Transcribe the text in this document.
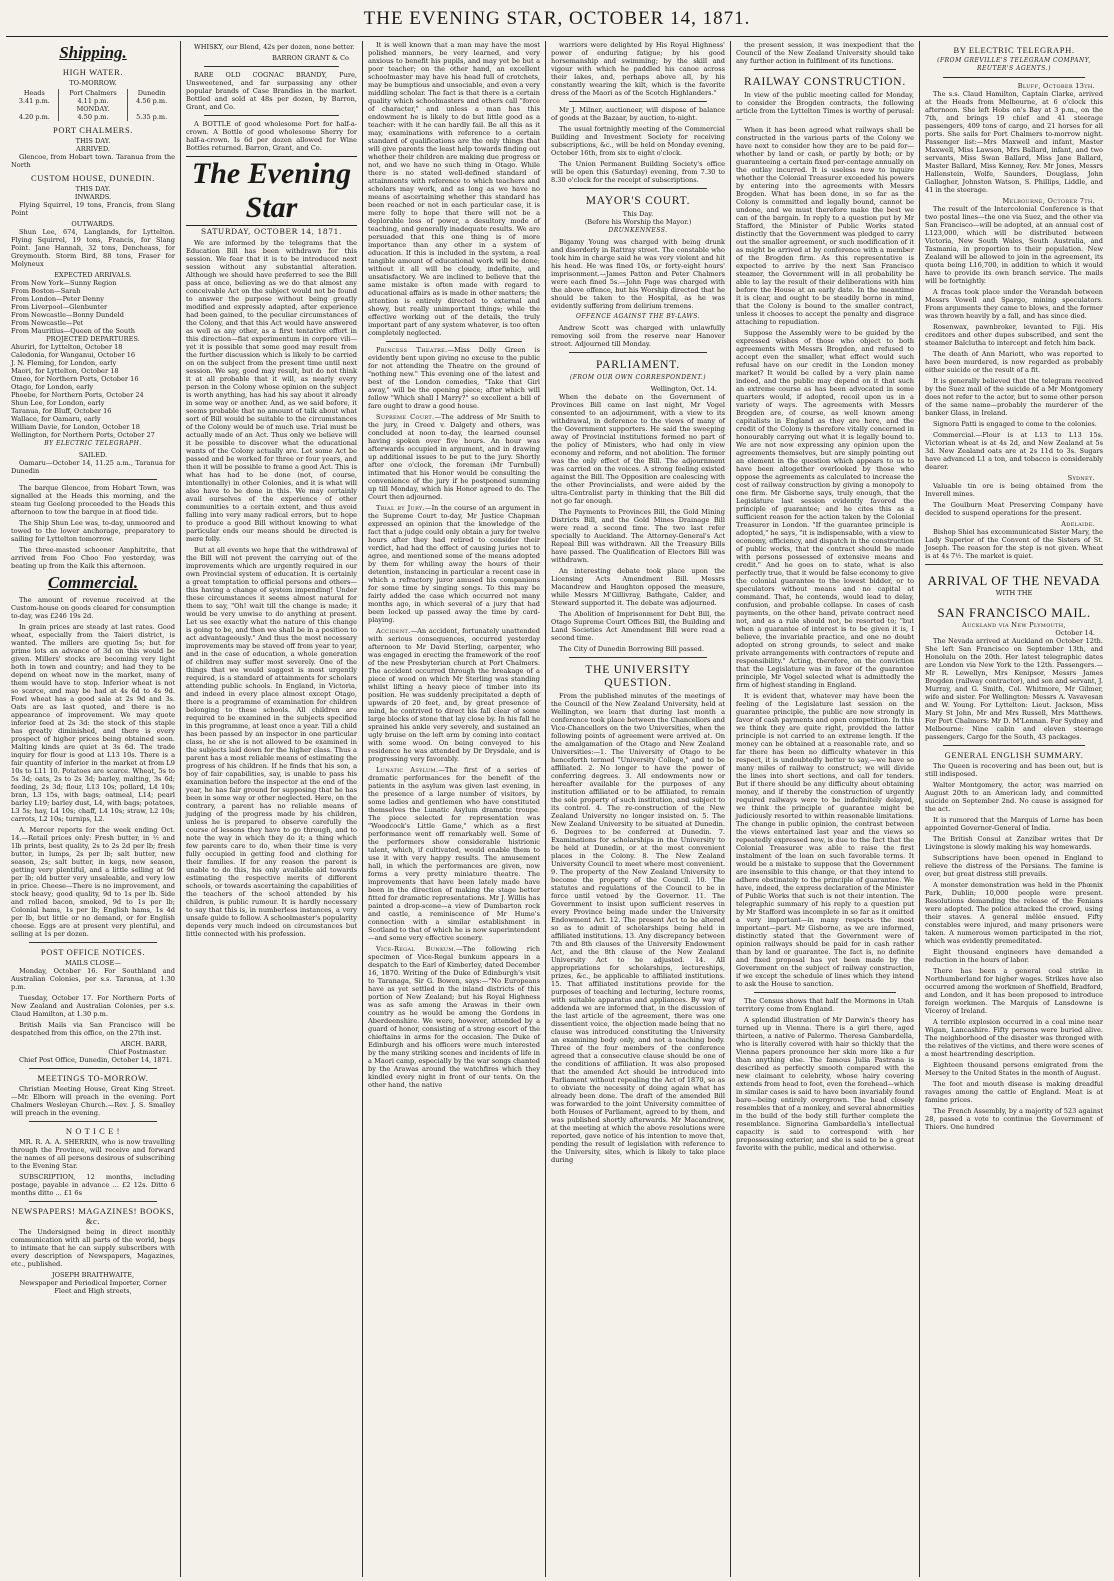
THE EVENING STAR, OCTOBER 14, 1871.
Shipping.
HIGH WATER.
TO-MORROW.
Heads	Port Chalmers	Dunedin
3.41 p.m.	4.11 p.m.	4.56 p.m.
	MONDAY.	
4.20 p.m.	4.50 p.m.	5.35 p.m.
PORT CHALMERS.
THIS DAY.
ARRIVED.

Glencoe, from Hobart town. Taranua from the North

CUSTOM HOUSE, DUNEDIN.
THIS DAY.
INWARDS.

Flying Squirrel, 19 tons, Francis, from Slang Point

OUTWARDS.

Shun Lee, 674, Langlands, for Lyttelton. Flying Squirrel, 19 tons, Francis, for Slang Point. Jane Hannah, 32 tons, Dencheass, for Greymouth. Storm Bird, 88 tons, Fraser for Molyneux

EXPECTED ARRIVALS.

From New York—Sunny Region

From Boston—Sarah

From London—Peter Denny

From Liverpool—Glenbunter

From Newcastle—Bonny Dundeld

From Newcastle—Pet

From Mauritius—Queen of the South

PROJECTED DEPARTURES.

Ahuriri, for Lyttelton, October 18

Caledonia, for Wanganui, October 16

J. N. Fleming, for London, early

Maori, for Lyttelton, October 18

Omeo, for Northern Ports, October 16

Otago, for London, early

Phoebe, for Northern Ports, October 24

Shun Lee, for London, early

Taranua, for Bluff, October 16

Wallace, for Oamaru, early

William Davie, for London, October 18

Wellington, for Northern Ports, October 27

BY ELECTRIC TELEGRAPH.
SAILED.

Oamaru—October 14, 11.25 a.m., Taranua for Dunedin

The barque Glencoe, from Hobart Town, was signalled at the Heads this morning, and the steam tug Geelong proceeded to the Heads this afternoon to tow the barque in at flood tide.

The Ship Shun Lee was, to-day, unmoored and towed to the lower anchorage, preparatory to sailing for Lyttelton tomorrow.

The three-masted schooner Amphitrite, that arrived from Foo Choo Foo yesterday, was beating up from the Kaik this afternoon.

Commercial.

The amount of revenue received at the Custom-house on goods cleared for consumption to-day, was £246 19s 2d.

In grain prices are steady at last rates. Good wheat, especially from the Taieri district, is wanted. The millers are quoting 5s; but for prime lots an advance of 3d on this would be given. Millers' stocks are becoming very light both in town and country; and had they to be depend on wheat now in the market, many of them would have to stop. Inferior wheat is not so scarce, and may be had at 4s 6d to 4s 9d. Fowl wheat has a good sale at 2s 9d and 3s. Oats are as last quoted, and there is no appearance of improvement. We may quote inferior feed at 2s 3d: the stock of this staple has greatly diminished, and there is every prospect of higher prices being obtained soon. Malting kinds are quiet at 3s 6d. The trade inquiry for flour is good at L13 10s. There is a fair quantity of inferior in the market at from L9 10s to L11 10. Potatoes are scarce. Wheat, 5s to 5s 3d; oats, 2s to 2s 3d; barley, malting, 3s 6d; feeding, 2s 3d; flour, L13 10s; pollard, L4 10s; bran, L3 15s, with bags; oatmeal, L14; pearl barley L19; barley dust, L4, with bags; potatoes, L3 5s; hay, L4 10s; chaff, L4 10s; straw, L2 10s; carrots, L2 10s; turnips, L2.

A. Mercer reports for the week ending Oct. 14.—Retail prices only: Fresh butter, in ½ and 1lb prints, best quality, 2s to 2s 2d per lb; fresh butter, in lumps, 2s per lb; salt butter, new season, 2s; salt butter, in kegs, new season, getting very plentiful, and a little selling at 9d per lb; old butter very unsaleable, and very low in price. Cheese—There is no improvement, and stock heavy; good quality, 9d to 1s per lb. Side and rolled bacon, smoked, 9d to 1s per lb; Colonial hams, 1s per lb; English hams, 1s 4d per lb, but little or no demand, or for English cheese. Eggs are at present very plentiful, and selling at 1s per dozen.

POST OFFICE NOTICES.
MAILS CLOSE—

Monday, October 16. For Southland and Australian Colonies, per s.s. Taranua, at 1.30 p.m.

Tuesday, October 17. For Northern Ports of New Zealand and Australian Colonies, per s.s. Claud Hamilton, at 1.30 p.m.

British Mails via San Francisco will be despatched from this office, on the 27th inst.

ARCH. BARR,
Chief Postmaster.

Chief Post Office, Dunedin, October 14, 1871.

MEETINGS TO-MORROW.

Christian Meeting House, Great King Street. —Mr. Elborn will preach in the evening. Port Chalmers Wesleyan Church.—Rev. J. S. Smalley will preach in the evening.

N O T I C E !

MR. R. A. A. SHERRIN, who is now travelling through the Province, will receive and forward the names of all persons desirous of subscribing to the Evening Star.

SUBSCRIPTION, 12 months, including postage, payable in advance ... £2 12s. Ditto 6 months ditto ... £1 6s

NEWSPAPERS! MAGAZINES! BOOKS, &c.

The Undersigned being in direct monthly communication with all parts of the world, begs to intimate that he can supply subscribers with every description of Newspapers, Magazines, etc., published.

JOSEPH BRAITHWAITE,
Newspaper and Periodical Importer, Corner Fleet and High streets,

WHISKY, our Blend, 42s per dozen, none better.

BARRON GRANT & Co

RARE OLD COGNAC BRANDY, Pure, Unsweetened, and far surpassing any other popular brands of Case Brandies in the market. Bottled and sold at 48s per dozen, by Barron, Grant, and Co.

A BOTTLE of good wholesome Port for half-a-crown. A Bottle of good wholesome Sherry for half-a-crown. Is 6d per dozen allowed for Wine Bottles returned. Barron, Grant, and Co.

The Evening Star
SATURDAY, OCTOBER 14, 1871.

We are informed by the telegrams that the Education Bill has been withdrawn for this session. We fear that it is to be introduced next session without any substantial alteration. Although we should have preferred to see the Bill pass at once, believing as we do that almost any conceivable Act on the subject would not be found to answer the purpose without being greatly modified and expressly adapted, after experience had been gained, to the peculiar circumstances of the Colony, and that this Act would have answered as well as any other, as a first tentative effort in this direction—fiat experimentum in corpore vili—yet it is possible that some good may result from the further discussion which is likely to be carried on on the subject from the present time until next session. We say, good may result, but do not think it at all probable that it will, as nearly every person in the Colony whose opinion on the subject is worth anything, has had his say about it already in some way or another. And, as we said before, it seems probable that no amount of talk about what sort of Bill would be suitable to the circumstances of the Colony would be of much use. Trial must be actually made of an Act. Thus only we believe will it be possible to discover what the educational wants of the Colony actually are. Let some Act be passed and be worked for three or four years, and then it will be possible to frame a good Act. This is what has had to be done (not, of course, intentionally) in other Colonies, and it is what will also have to be done in this. We may certainly avail ourselves of the experience of other communities to a certain extent, and thus avoid falling into very many radical errors, but to hope to produce a good Bill without knowing to what particular ends our means should be directed is mere folly.

But at all events we hope that the withdrawal of the Bill will not prevent the carrying out of the improvements which are urgently required in our own Provincial system of education. It is certainly a great temptation to official persons and others—this having a change of system impending! Under these circumstances it seems almost natural for them to say, "Oh! wait till the change is made; it would be very unwise to do anything at present. Let us see exactly what the nature of this change is going to be, and then we shall be in a position to act advantageously." And thus the most necessary improvements may be staved off from year to year, and in the case of education, a whole generation of children may suffer most severely. One of the things that we would suggest is most urgently required, is a standard of attainments for scholars attending public schools. In England, in Victoria, and indeed in every place almost except Otago, there is a programme of examination for children belonging to these schools. All children are required to be examined in the subjects specified in this programme, at least once a year. Till a child has been passed by an inspector in one particular class, he or she is not allowed to be examined in the subjects laid down for the higher class. Thus a parent has a most reliable means of estimating the progress of his children. If he finds that his son, a boy of fair capabilities, say, is unable to pass his examination before the inspector at the end of the year, he has fair ground for supposing that he has been in some way or other neglected. Here, on the contrary, a parent has no reliable means of judging of the progress made by his children, unless he is prepared to observe carefully the course of lessons they have to go through, and to note the way in which they do it; a thing which few parents care to do, when their time is very fully occupied in getting food and clothing for their families. If for any reason the parent is unable to do this, his only available aid towards estimating the respective merits of different schools, or towards ascertaining the capabilities of the teachers of the school attended by his children, is public rumour. It is hardly necessary to say that this is, in numberless instances, a very unsafe guide to follow. A schoolmaster's popularity depends very much indeed on circumstances but little connected with his profession.

It is well known that a man may have the most polished manners, be very learned, and very anxious to benefit his pupils, and may yet be but a poor teacher; on the other hand, an excellent schoolmaster may have his head full of crotchets, may be bumptious and unsociable, and even a very middling scholar. The fact is that there is a certain quality which schoolmasters and others call "force of character," and unless a man has this endowment he is likely to do but little good as a teacher: with it he can hardly fail. Be all this as it may, examinations with reference to a certain standard of qualifications are the only things that will give parents the least help towards finding out whether their children are making due progress or not, and we have no such thing in Otago. While there is no stated well-defined standard of attainments with reference to which teachers and scholars may work, and as long as we have no means of ascertaining whether this standard has been reached or not in each particular case, it is mere folly to hope that there will not be a deplorable loss of power, a desultory mode of teaching, and generally inadequate results. We are persuaded that this one thing is of more importance than any other in a system of education. If this is included in the system, a real tangible amount of educational work will be done; without it all will be cloudy, indefinite, and unsatisfactory. We are inclined to believe that the same mistake is often made with regard to educational affairs as is made in other matters; the attention is entirely directed to external and showy, but really unimportant things; while the effective working out of the details, the truly important part of any system whatever, is too often completely neglected.

Princess Theatre.—Miss Dolly Green is evidently bent upon giving no excuse to the public for not attending the Theatre on the ground of "nothing new." This evening one of the latest and best of the London comedies, "Take that Girl away," will be the opening piece; after which will follow "Which shall I Marry?" so excellent a bill of fare ought to draw a good house.

Supreme Court.—The address of Mr Smith to the jury, in Creed v. Dalgety and others, was concluded at noon to-day, the learned counsel having spoken over five hours. An hour was afterwards occupied in argument, and in drawing up additional issues to be put to the jury. Shortly after one o'clock, the foreman (Mr Turnbull) intimated that his Honor would be consulting the convenience of the jury if he postponed summing up till Monday, which his Honor agreed to do. The Court then adjourned.

Trial by Jury.—In the course of an argument in the Supreme Court to-day, Mr Justice Chapman expressed an opinion that the knowledge of the fact that a judge could only obtain a jury for twelve hours after they had retired to consider their verdict, had had the effect of causing juries not to agree, and mentioned some of the means adopted by them for whiling away the hours of their detention, instancing in particular a recent case in which a refractory juror amused his companions for some time by singing songs. To this may be fairly added the case which occurred not many months ago, in which several of a jury that had been locked up passed away the time by card-playing.

Accident.—An accident, fortunately unattended with serious consequences, occurred yesterday afternoon to Mr David Sterling, carpenter, who was engaged in erecting the framework of the roof of the new Presbyterian church at Port Chalmers. The accident occurred through the breakage of a piece of wood on which Mr Sterling was standing whilst lifting a heavy piece of timber into its position. He was suddenly precipitated a depth of upwards of 20 feet, and, by great presence of mind, he contrived to direct his fall clear of some large blocks of stone that lay close by. In his fall he sprained his ankle very severely, and sustained an ugly bruise on the left arm by coming into contact with some wood. On being conveyed to his residence he was attended by Dr Drysdale, and is progressing very favorably.

Lunatic Asylum.—The first of a series of dramatic performances for the benefit of the patients in the asylum was given last evening, in the presence of a large number of visitors, by some ladies and gentlemen who have constituted themselves the Lunatic Asylum dramatic troupe. The piece selected for representation was "Woodcock's Little Game," which as a first performance went off remarkably well. Some of the performers show considerable histrionic talent, which, if cultivated, would enable them to use it with very happy results. The amusement hall, in which the performances are given, now forms a very pretty miniature theatre. The improvements that have been lately made have been in the direction of making the stage better fitted for dramatic representations. Mr J. Willis has painted a drop-scene—a view of Dumbarton rock and castle, a reminiscence of Mr Hume's connection with a similar establishment in Scotland to that of which he is now superintendent—and some very effective scenery.

Vice-Regal Bunkum.—The following rich specimen of Vice-Regal bunkum appears in a despatch to the Earl of Kimberley, dated December 16, 1870. Writing of the Duke of Edinburgh's visit to Taranaga, Sir G. Bowen, says:—"No Europeans have as yet settled in the inland districts of this portion of New Zealand; but his Royal Highness was as safe among the Arawas in their own country as he would be among the Gordons in Aberdeenshire. We were, however, attended by a guard of honor, consisting of a strong escort of the chieftains in arms for the occasion. The Duke of Edinburgh and his officers were much interested by the many striking scenes and incidents of life in a Maori camp, especially by the war songs chanted by the Arawas around the watchfires which they kindled every night in front of our tents. On the other hand, the native

warriors were delighted by His Royal Highness' power of enduring fatigue; by his good horsemanship and swimming; by the skill and vigour with which he paddled his canoe across their lakes, and, perhaps above all, by his constantly wearing the kilt, which is the favorite dress of the Maori as of the Scotch Highlanders."

Mr J. Milner, auctioneer, will dispose of balance of goods at the Bazaar, by auction, to-night.

The usual fortnightly meeting of the Commercial Building and Investment Society for receiving subscriptions, &c., will be held on Monday evening, October 16th, from six to eight o'clock.

The Union Permanent Building Society's office will be open this (Saturday) evening, from 7.30 to 8.30 o'clock for the receipt of subscriptions.

MAYOR'S COURT.
This Day.
(Before his Worship the Mayor.)
DRUNKENNESS.

Bigamy Young was charged with being drunk and disorderly in Rattray street. The constable who took him in charge said he was very violent and hit his head. He was fined 10s, or forty-eight hours' imprisonment.—James Patton and Peter Chalmers were each fined 5s.—John Page was charged with the above offence, but his Worship directed that he should be taken to the Hospital, as he was evidently suffering from delirium tremens.

OFFENCE AGAINST THE BY-LAWS.

Andrew Scott was charged with unlawfully removing soil from the reserve near Hanover street. Adjourned till Monday.

PARLIAMENT.
(FROM OUR OWN CORRESPONDENT.)
Wellington, Oct. 14.

When the debate on the Government of Provinces Bill came on last night, Mr Vogel consented to an adjournment, with a view to its withdrawal, in deference to the views of many of the Government supporters. He said the sweeping away of Provincial institutions formed no part of the policy of Ministers, who had only in view economy and reform, and not abolition. The former was the only effect of the Bill. The adjournment was carried on the voices. A strong feeling existed against the Bill. The Opposition are coalescing with the other Provincialists, and were aided by the ultra-Centralist party in thinking that the Bill did not go far enough.

The Payments to Provinces Bill, the Gold Mining Districts Bill, and the Gold Mines Drainage Bill were read a second time. The two last refer specially to Auckland. The Attorney-General's Act Repeal Bill was withdrawn. All the Treasury Bills have passed. The Qualification of Electors Bill was withdrawn.

An interesting debate took place upon the Licensing Acts Amendment Bill. Messrs Macandrew and Haughton opposed the measure, while Messrs M'Gillivray, Bathgate, Calder, and Steward supported it. The debate was adjourned.

The Abolition of Imprisonment for Debt Bill, the Otago Supreme Court Offices Bill, the Building and Land Societies Act Amendment Bill were read a second time.

The City of Dunedin Borrowing Bill passed.

THE UNIVERSITY QUESTION.

From the published minutes of the meetings of the Council of the New Zealand University, held at Wellington, we learn that during last month a conference took place between the Chancellors and Vice-Chancellors on the two Universities, when the following points of agreement were arrived at. On the amalgamation of the Otago and New Zealand Universities:—1. The University of Otago to be henceforth termed "University College," and to be affiliated. 2. No longer to have the power of conferring degrees. 3. All endowments now or hereafter available for the purposes of any institution affiliated or to be affiliated, to remain the sole property of such institution, and subject to its control. 4. The re-construction of the New Zealand University no longer insisted on. 5. The New Zealand University to be situated at Dunedin. 6. Degrees to be conferred at Dunedin. 7. Examinations for scholarships in the University to be held at Dunedin, or at the most convenient places in the Colony. 8. The New Zealand University Council to meet where most convenient. 9. The property of the New Zealand University to become the property of the Council. 10. The statutes and regulations of the Council to be in force until vetoed by the Governor. 11. The Government to insist upon sufficient reserves in every Province being made under the University Endowment Act. 12. The present Act to be altered so as to admit of scholarships being held in affiliated institutions. 13. Any discrepancy between 7th and 8th clauses of the University Endowment Act, and the 8th clause of the New Zealand University Act to be adjusted. 14. All appropriations for scholarships, lectureships, prizes, &c., be applicable to affiliated institutions. 15. That affiliated institutions provide for the purposes of teaching and lecturing, lecture rooms, with suitable apparatus and appliances. By way of addenda we are informed that, in the discussion of the last article of the agreement, there was one dissentient voice, the objection made being that no clause was introduced constituting the University an examining body only, and not a teaching body. Three of the four members of the conference agreed that a consecutive clause should be one of the conditions of affiliation. It was also proposed that the amended Act should be introduced into Parliament without repealing the Act of 1870, so as to obviate the necessity of doing again what has already been done. The draft of the amended Bill was forwarded to the joint University committee of both Houses of Parliament, agreed to by them, and was published shortly afterwards. Mr Macandrew, at the meeting at which the above resolutions were reported, gave notice of his intention to move that, pending the result of legislation with reference to the University, sites, which is likely to take place during

the present session, it was inexpedient that the Council of the New Zealand University should take any further action in fulfilment of its functions.

RAILWAY CONSTRUCTION.

In view of the public meeting called for Monday, to consider the Brogden contracts, the following article from the Lyttelton Times is worthy of perusal:—

When it has been agreed what railways shall be constructed in the various parts of the Colony we have next to consider how they are to be paid for—whether by land or cash, or partly by both; or by guaranteeing a certain fixed per-centage annually on the outlay incurred. It is useless now to inquire whether the Colonial Treasurer exceeded his powers by entering into the agreements with Messrs Brogden. What has been done, in so far as the Colony is committed and legally bound, cannot be undone, and we must therefore make the best we can of the bargain. In reply to a question put by Mr Stafford, the Minister of Public Works stated distinctly that the Government was pledged to carry out the smaller agreement, or such modification of it as might be arrived at by conference with a member of the Brogden firm. As this representative is expected to arrive by the next San Francisco steamer, the Government will in all probability be able to lay the result of their deliberations with him before the House at an early date. In the meantime it is clear, and ought to be steadily borne in mind, that the Colony is bound to the smaller contract, unless it chooses to accept the penalty and disgrace attaching to repudiation.

Suppose the Assembly were to be guided by the expressed wishes of those who object to both agreements with Messrs Brogden, and refused to accept even the smaller, what effect would such refusal have on our credit in the London money market? It would be called by a very plain name indeed, and the public may depend on it that such an extreme course as has been advocated in some quarters would, if adopted, recoil upon us in a variety of ways. The agreements with Messrs Brogden are, of course, as well known among capitalists in England as they are here, and the credit of the Colony is therefore vitally concerned in honourably carrying out what it is legally bound to. We are not now expressing any opinion upon the agreements themselves, but are simply pointing out an element in the question which appears to us to have been altogether overlooked by those who oppose the agreements as calculated to increase the cost of railway construction by giving a monopoly to one firm. Mr Gisborne says, truly enough, that the Legislature last session evidently favored the principle of guarantee; and he cites this as a sufficient reason for the action taken by the Colonial Treasurer in London. "If the guarantee principle is adopted," he says, "it is indispensable, with a view to economy, efficiency, and dispatch in the construction of public works, that the contract should be made with persons possessed of extensive means and credit." And he goes on to state, what is also perfectly true, that it would be false economy to give the colonial guarantee to the lowest bidder, or to speculators without means and no capital at command. That, he contends, would lead to delay, confusion, and probable collapse. In cases of cash payments, on the other hand, private contract need not, and as a rule should not, be resorted to; "but when a guarantee of interest is to be given it is, I believe, the invariable practice, and one no doubt adopted on strong grounds, to select and make private arrangements with contractors of repute and responsibility." Acting, therefore, on the conviction that the Legislature was in favor of the guarantee principle, Mr Vogel selected what is admittedly the firm of highest standing in England.

It is evident that, whatever may have been the feeling of the Legislature last session on the guarantee principle, the public are now strongly in favor of cash payments and open competition. In this we think they are quite right, provided the latter principle is not carried to an extreme length. If the money can be obtained at a reasonable rate, and so far there has been no difficulty whatever in this respect, it is undoubtedly better to say,—we have so many miles of railway to construct; we will divide the lines into short sections, and call for tenders. But if there should be any difficulty about obtaining money, and if thereby the construction of urgently required railways were to be indefinitely delayed, we think the principle of guarantee might be judiciously resorted to within reasonable limitations. The change in public opinion, the contrast between the views entertained last year and the views so repeatedly expressed now, is due to the fact that the Colonial Treasurer was able to raise the first instalment of the loan on such favorable terms. It would be a mistake to suppose that the Government are insensible to this change, or that they intend to adhere obstinately to the principle of guarantee. We have, indeed, the express declaration of the Minister of Public Works that such is not their intention. The telegraphic summary of his reply to a question put by Mr Stafford was incomplete in so far as it omitted a very important—in many respects the most important—part. Mr Gisborne, as we are informed, distinctly stated that the Government were of opinion railways should be paid for in cash rather than by land or guarantee. The fact is, no definite and fixed proposal has yet been made by the Government on the subject of railway construction, if we except the schedule of lines which they intend to ask the House to sanction.

The Census shows that half the Mormons in Utah territory come from England.

A splendid illustration of Mr Darwin's theory has turned up in Vienna. There is a girl there, aged thirteen, a native of Palermo. Theresa Gambardella, who is literally covered with hair so thickly that the Vienna papers pronounce her skin more like a fur than anything else. The famous Julia Pastrana is described as perfectly smooth compared with the new claimant to celebrity, whose hairy covering extends from head to foot, even the forehead—which in similar cases is said to have been invariably found bare—being entirely overgrown. The head closely resembles that of a monkey, and several abnormities in the build of the body still further complete the resemblance. Signorina Gambardella's intellectual capacity is said to correspond with her prepossessing exterior, and she is said to be a great favorite with the public, medical and otherwise.

BY ELECTRIC TELEGRAPH.
(FROM GREVILLE'S TELEGRAM COMPANY, REUTER'S AGENTS.)
Bluff, October 13th.

The s.s. Claud Hamilton, Captain Clarke, arrived at the Heads from Melbourne, at 6 o'clock this afternoon. She left Hobs on's Bay at 3 p.m., on the 7th, and brings 19 chief and 41 steerage passengers, 409 tons of cargo, and 21 horses for all ports. She sails for Port Chalmers to-morrow night. Passenger list:—Mrs Maxwell and infant, Master Maxwell, Miss Lawson, Mrs Ballard, infant, and two servants, Miss Swan Ballard, Miss Jane Ballard, Master Ballard, Miss Kenney, Rev. Mr Jones, Messrs Hallenstein, Wolfe, Saunders, Douglass, John Gallagher, Johnston Watson, S. Phillips, Liddle, and 41 in the steerage.

Melbourne, October 7th.

The result of the Intercolonial Conference is that two postal lines—the one via Suez, and the other via San Francisco—will be adopted, at an annual cost of L123,000, which will be distributed between Victoria, New South Wales, South Australia, and Tasmania, in proportion to their population. New Zealand will be allowed to join in the agreement, its quota being L16,700, in addition to which it would have to provide its own branch service. The mails will be fortnightly.

A fracas took place under the Verandah between Messrs Vowell and Spargo, mining speculators. From arguments they came to blows, and the former was thrown heavily by a fall, and has since died.

Rosenwax, pawnbroker, levanted to Fiji. His creditors and other dupes subscribed, and sent the steamer Balclutha to intercept and fetch him back.

The death of Ann Mariott, who was reported to have been murdered, is now regarded as probably either suicide or the result of a fit.

It is generally believed that the telegram received by the Suez mail of the suicide of a Mr Montgomery does not refer to the actor, but to some other person of the same name—probably the murderer of the banker Glass, in Ireland.

Signora Patti is engaged to come to the colonies.

Commercial.—Flour is at L13 to L13 15s. Victorian wheat is at 4s 2d, and New Zealand at 5s 3d. New Zealand oats are at 2s 11d to 3s. Sugars have advanced L1 a ton, and tobacco is considerably dearer.

Sydney.

Valuable tin ore is being obtained from the Inverell mines.

The Goulburn Meat Preserving Company have decided to suspend operations for the present.

Adelaide.

Bishop Shiel has excommunicated Sister Mary, the Lady Superior of the Convent of the Sisters of St. Joseph. The reason for the step is not given. Wheat is at 4s 7½. The market is quiet.

ARRIVAL OF THE NEVADA
WITH THE
SAN FRANCISCO MAIL.
Auckland via New Plymouth,
October 14.

The Nevada arrived at Auckland on October 12th. She left San Francisco on September 13th, and Honolulu on the 20th. Her latest telegraphic dates are London via New York to the 12th. Passengers.—Mr R. Lewellyn, Mrs Kenipsor, Messrs James Brogden (railway contractor), and son and servant, J. Murray, and G. Smith, Col. Whitmore, Mr Gilmer, wife and sister. For Wellington: Messrs A. Vavavesan and W. Young. For Lyttelton: Lieut. Jackson, Miss Mary St John, Mr and Mrs Russell, Mrs Matthews. For Port Chalmers: Mr D. M'Lennan. For Sydney and Melbourne: Nine cabin and eleven steerage passengers. Cargo for the South, 43 packages.

GENERAL ENGLISH SUMMARY.

The Queen is recovering and has been out, but is still indisposed.

Walter Montgomery, the actor, was married on August 20th to an American lady, and committed suicide on September 2nd. No cause is assigned for the act.

It is rumored that the Marquis of Lorne has been appointed Governor-General of India.

The British Consul at Zanzibar writes that Dr Livingstone is slowly making his way homewards.

Subscriptions have been opened in England to relieve the distress of the Persians. The famine is over, but great distress still prevails.

A monster demonstration was held in the Phœnix Park, Dublin; 10,000 people were present. Resolutions demanding the release of the Fenians were adopted. The police attacked the crowd, using their staves. A general mêlée ensued. Fifty constables were injured, and many prisoners were taken. A numerous women participated in the riot, which was evidently premeditated.

Eight thousand engineers have demanded a reduction in the hours of labor.

There has been a general coal strike in Northumberland for higher wages. Strikes have also occurred among the workmen of Sheffield, Bradford, and London, and it has been proposed to introduce foreign workmen. The Marquis of Lansdowne is Viceroy of Ireland.

A terrible explosion occurred in a coal mine near Wigan, Lancashire. Fifty persons were buried alive. The neighborhood of the disaster was thronged with the relatives of the victims, and there were scenes of a most heartrending description.

Eighteen thousand persons emigrated from the Mersey to the United States in the month of August.

The foot and mouth disease is making dreadful ravages among the cattle of England. Meat is at famine prices.

The French Assembly, by a majority of 523 against 28, passed a vote to continue the Government of Thiers. One hundred
